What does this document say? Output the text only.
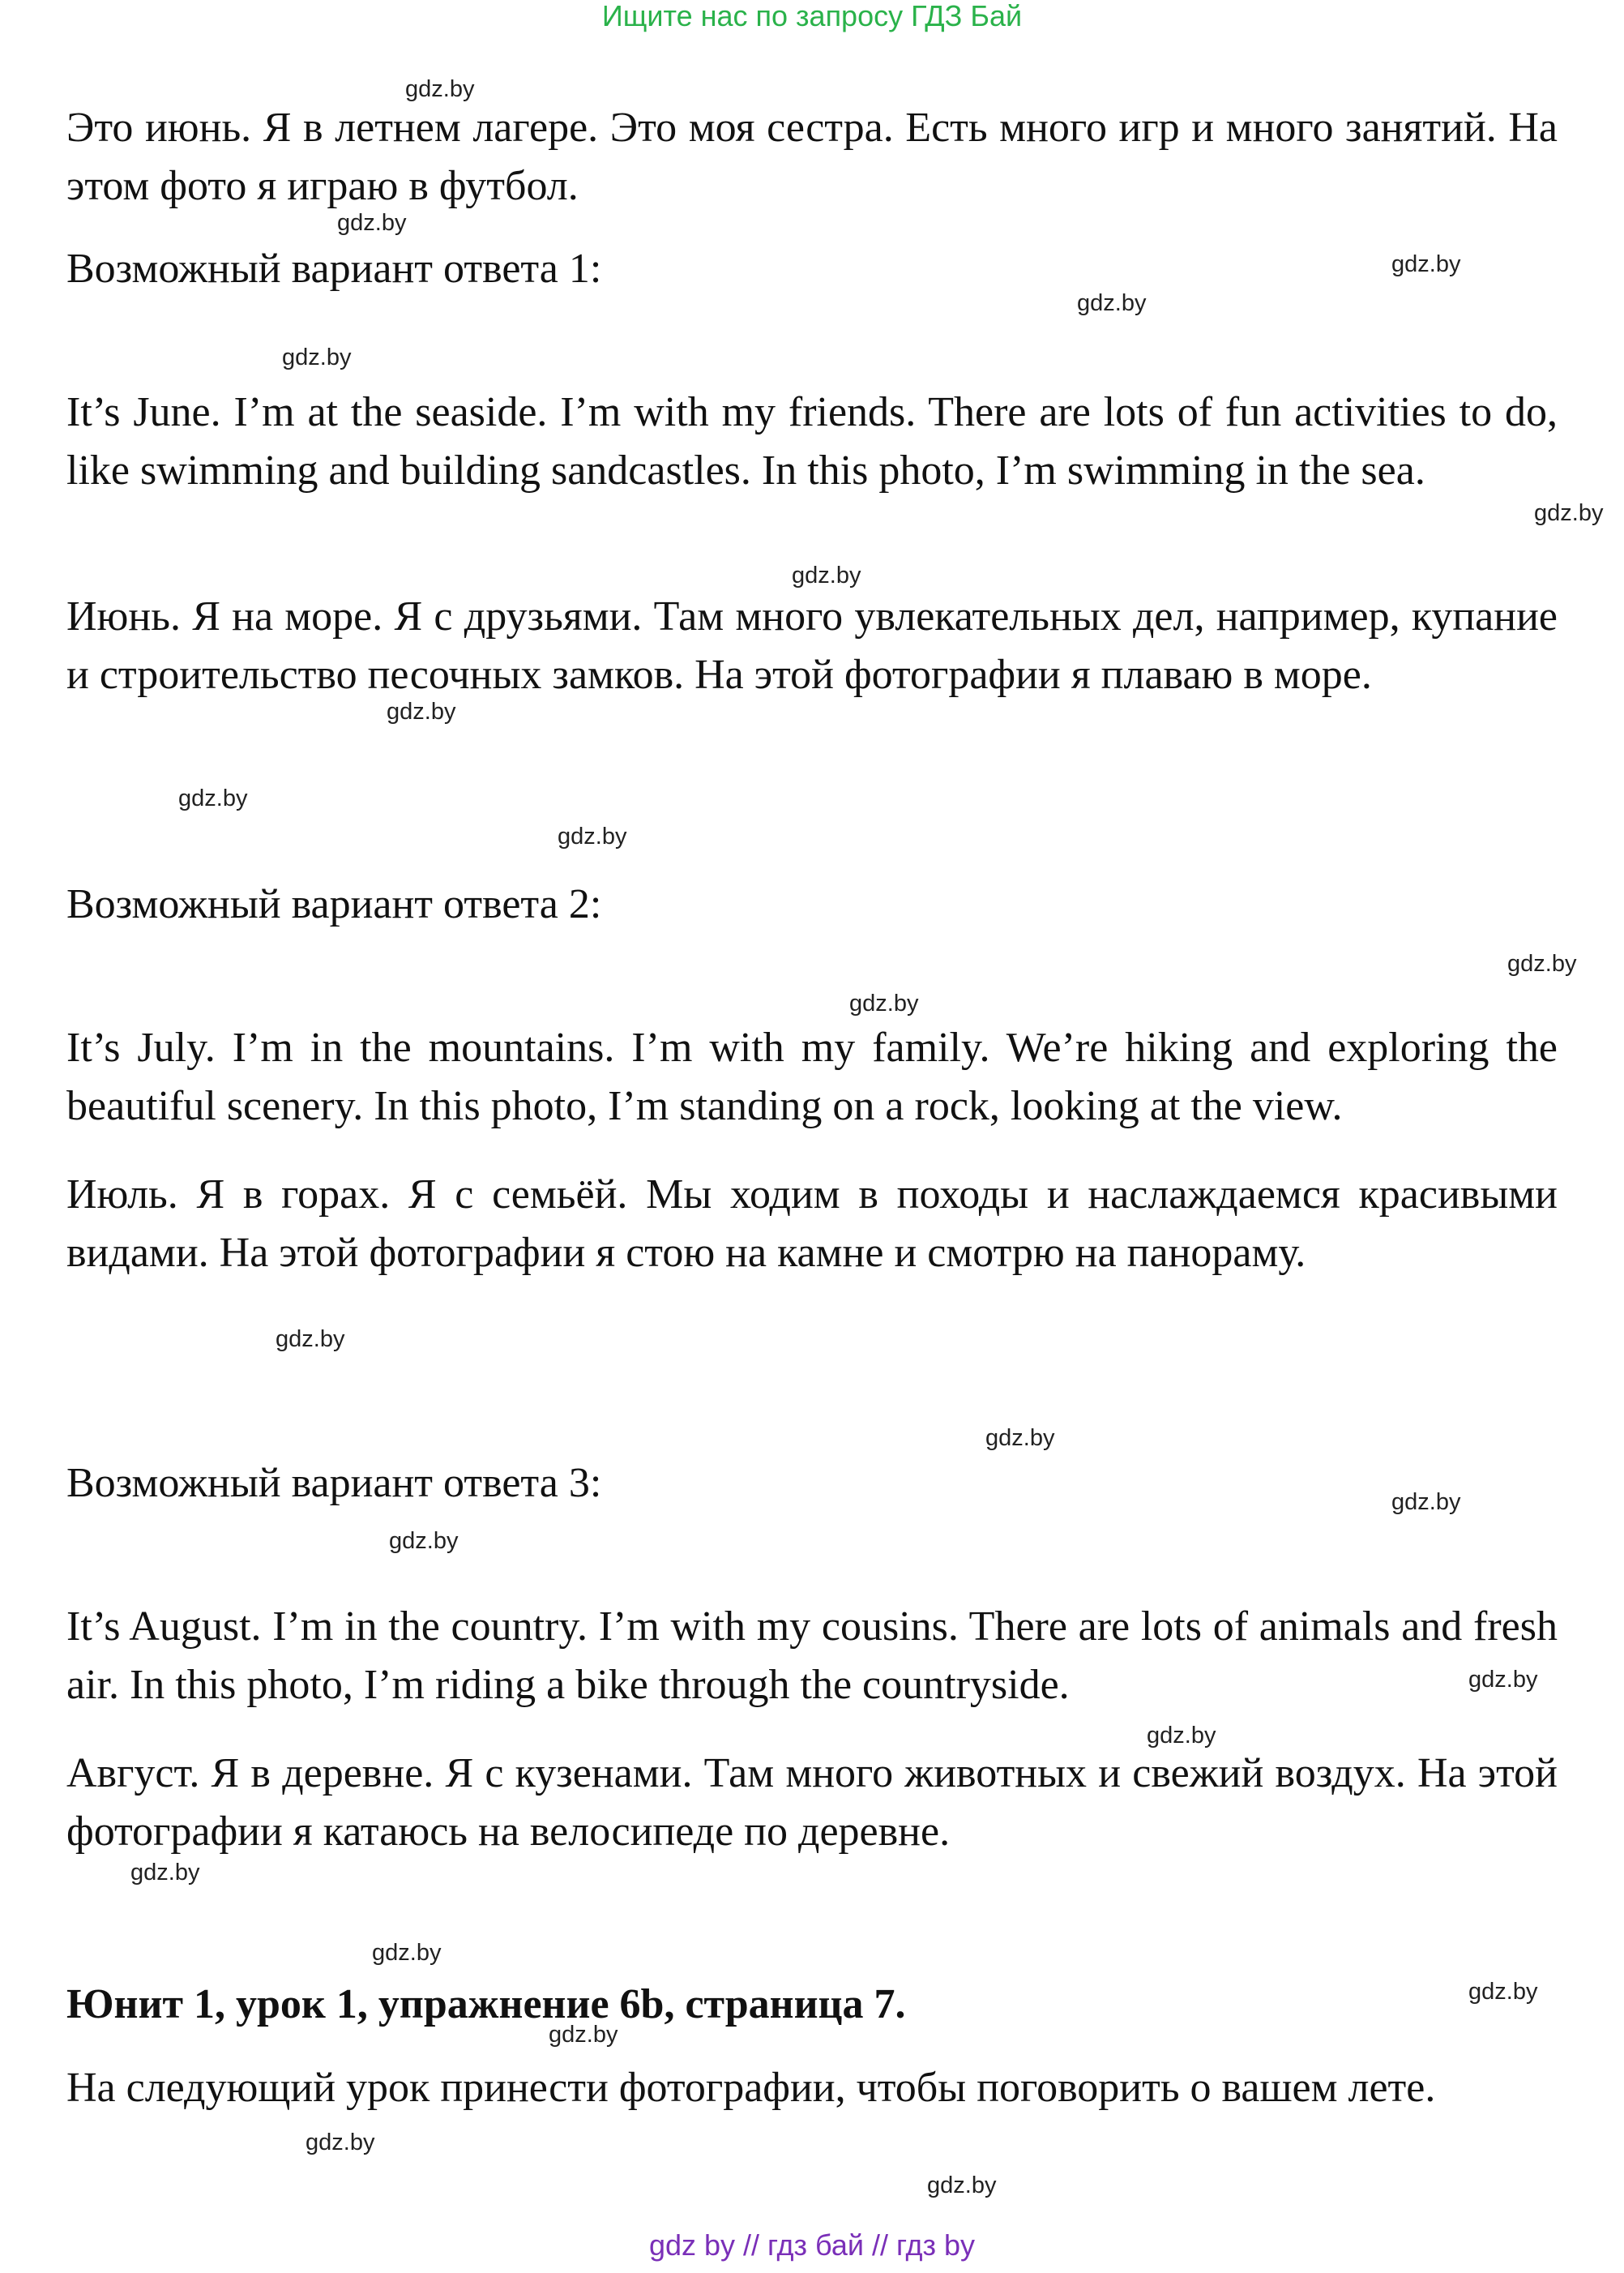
Ищите нас по запросу ГДЗ Бай

Это июнь. Я в летнем лагере. Это моя сестра. Есть много игр и много занятий. На этом фото я играю в футбол.

Возможный вариант ответа 1:

It’s June. I’m at the seaside. I’m with my friends. There are lots of fun activities to do, like swimming and building sandcastles. In this photo, I’m swimming in the sea.

Июнь. Я на море. Я с друзьями. Там много увлекательных дел, например, купание и строительство песочных замков. На этой фотографии я плаваю в море.

Возможный вариант ответа 2:

It’s July. I’m in the mountains. I’m with my family. We’re hiking and exploring the beautiful scenery. In this photo, I’m standing on a rock, looking at the view.

Июль. Я в горах. Я с семьёй. Мы ходим в походы и наслаждаемся красивыми видами. На этой фотографии я стою на камне и смотрю на панораму.

Возможный вариант ответа 3:

It’s August. I’m in the country. I’m with my cousins. There are lots of animals and fresh air. In this photo, I’m riding a bike through the countryside.

Август. Я в деревне. Я с кузенами. Там много животных и свежий воздух. На этой фотографии я катаюсь на велосипеде по деревне.

Юнит 1, урок 1, упражнение 6b, страница 7.

На следующий урок принести фотографии, чтобы поговорить о вашем лете.

gdz.by
gdz.by
gdz.by
gdz.by
gdz.by
gdz.by
gdz.by
gdz.by
gdz.by
gdz.by
gdz.by
gdz.by
gdz.by
gdz.by
gdz.by
gdz.by
gdz.by
gdz.by
gdz.by
gdz.by
gdz.by
gdz.by
gdz.by
gdz.by
gdz by // гдз бай // гдз by
